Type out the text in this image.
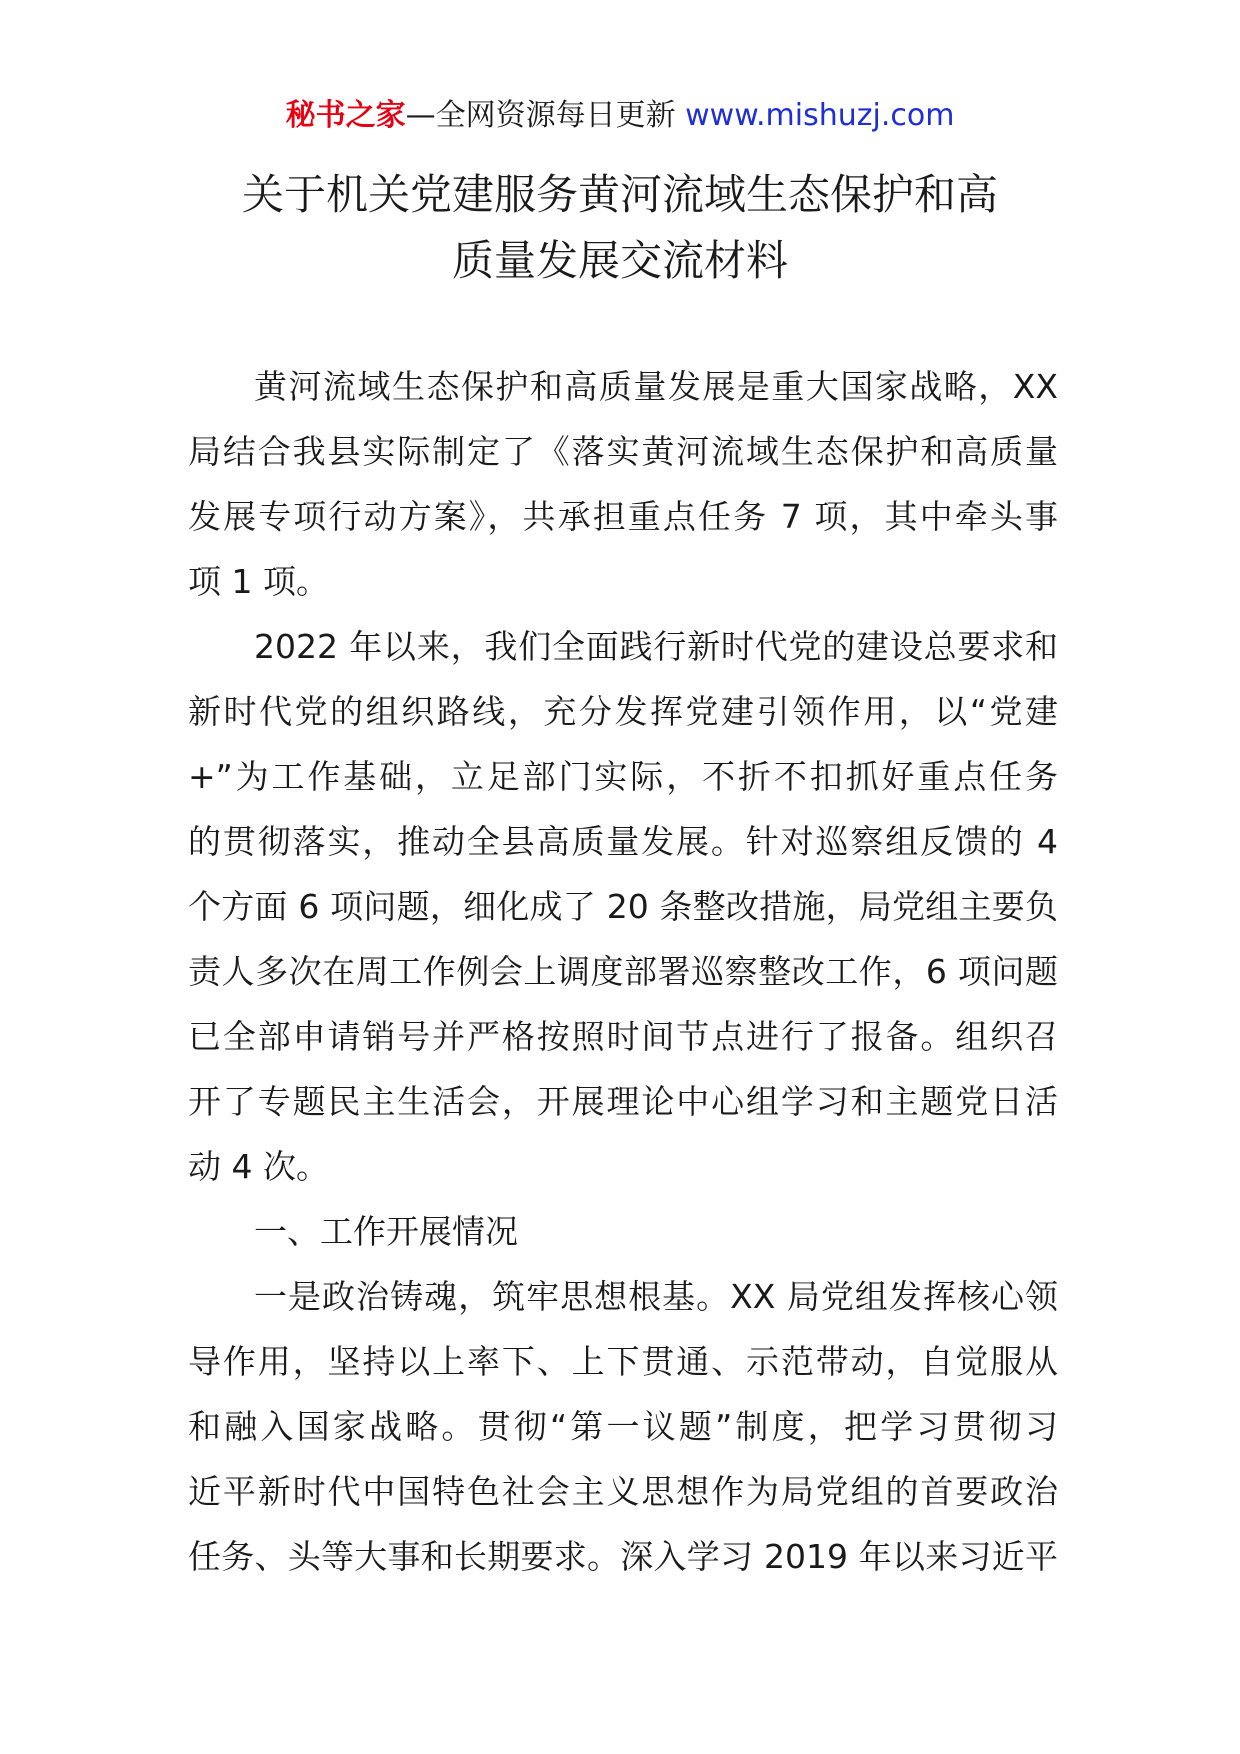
秘书之家—全网资源每日更新 www.mishuzj.com
关于机关党建服务黄河流域生态保护和高
质量发展交流材料
黄河流域生态保护和高质量发展是重大国家战略，XX
局结合我县实际制定了《落实黄河流域生态保护和高质量
发展专项行动方案》，共承担重点任务 7 项，其中牵头事
项 1 项。
2022 年以来，我们全面践行新时代党的建设总要求和
新时代党的组织路线，充分发挥党建引领作用，以“党建
+”为工作基础，立足部门实际，不折不扣抓好重点任务
的贯彻落实，推动全县高质量发展。针对巡察组反馈的 4
个方面 6 项问题，细化成了 20 条整改措施，局党组主要负
责人多次在周工作例会上调度部署巡察整改工作，6 项问题
已全部申请销号并严格按照时间节点进行了报备。组织召
开了专题民主生活会，开展理论中心组学习和主题党日活
动 4 次。
一、工作开展情况
一是政治铸魂，筑牢思想根基。XX 局党组发挥核心领
导作用，坚持以上率下、上下贯通、示范带动，自觉服从
和融入国家战略。贯彻“第一议题”制度，把学习贯彻习
近平新时代中国特色社会主义思想作为局党组的首要政治
任务、头等大事和长期要求。深入学习 2019 年以来习近平
